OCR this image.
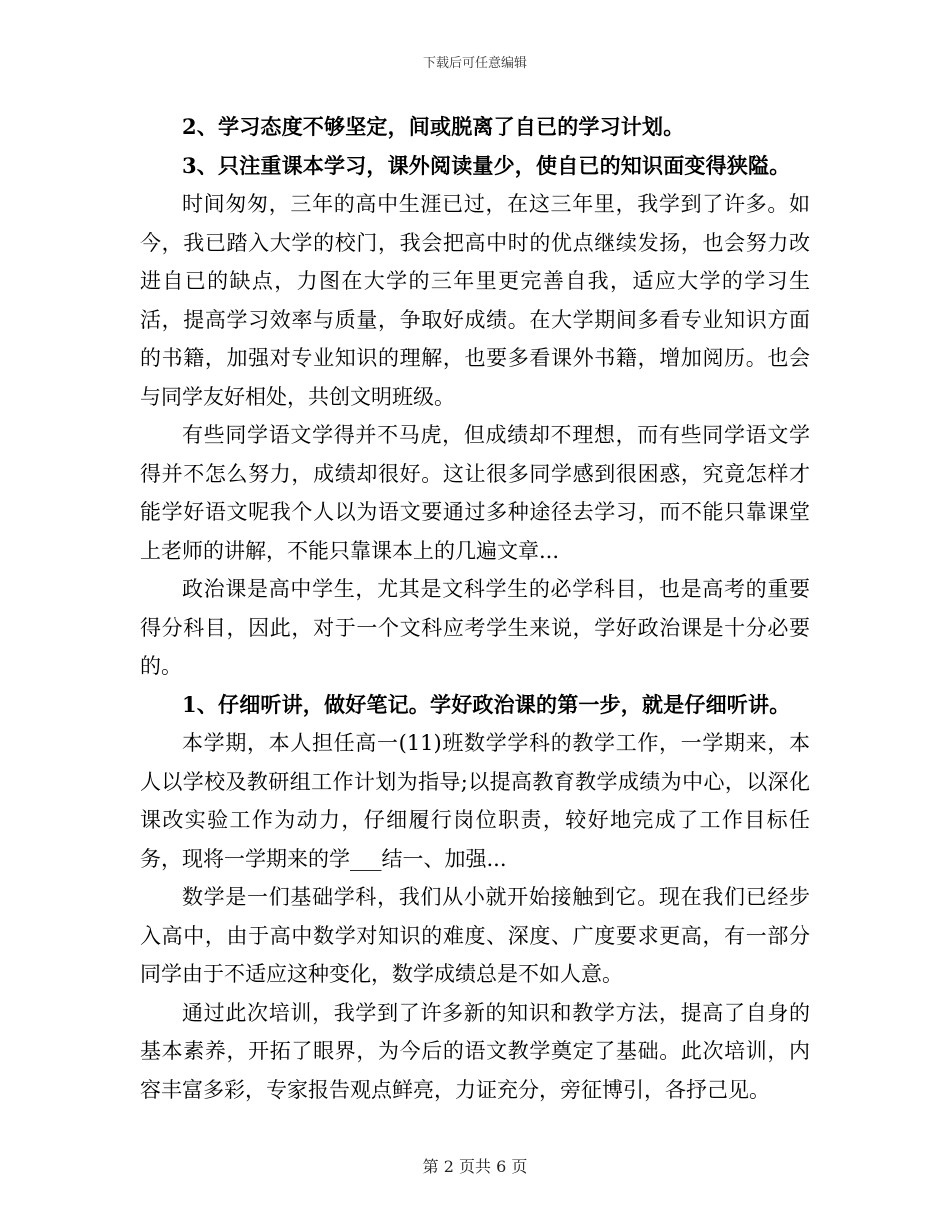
下载后可任意编辑

2、学习态度不够坚定，间或脱离了自已的学习计划。

3、只注重课本学习，课外阅读量少，使自已的知识面变得狭隘。

时间匆匆，三年的高中生涯已过，在这三年里，我学到了许多。如今，我已踏入大学的校门，我会把高中时的优点继续发扬，也会努力改进自已的缺点，力图在大学的三年里更完善自我，适应大学的学习生活，提高学习效率与质量，争取好成绩。在大学期间多看专业知识方面的书籍，加强对专业知识的理解，也要多看课外书籍，增加阅历。也会与同学友好相处，共创文明班级。

有些同学语文学得并不马虎，但成绩却不理想，而有些同学语文学得并不怎么努力，成绩却很好。这让很多同学感到很困惑，究竟怎样才能学好语文呢我个人以为语文要通过多种途径去学习，而不能只靠课堂上老师的讲解，不能只靠课本上的几遍文章...

政治课是高中学生，尤其是文科学生的必学科目，也是高考的重要得分科目，因此，对于一个文科应考学生来说，学好政治课是十分必要的。

1、仔细听讲，做好笔记。学好政治课的第一步，就是仔细听讲。

本学期，本人担任高一(11)班数学学科的教学工作，一学期来，本人以学校及教研组工作计划为指导;以提高教育教学成绩为中心，以深化课改实验工作为动力，仔细履行岗位职责，较好地完成了工作目标任务，现将一学期来的学___结一、加强...

数学是一们基础学科，我们从小就开始接触到它。现在我们已经步入高中，由于高中数学对知识的难度、深度、广度要求更高，有一部分同学由于不适应这种变化，数学成绩总是不如人意。

通过此次培训，我学到了许多新的知识和教学方法，提高了自身的基本素养，开拓了眼界，为今后的语文教学奠定了基础。此次培训，内容丰富多彩，专家报告观点鲜亮，力证充分，旁征博引，各抒己见。

第 2 页共 6 页
